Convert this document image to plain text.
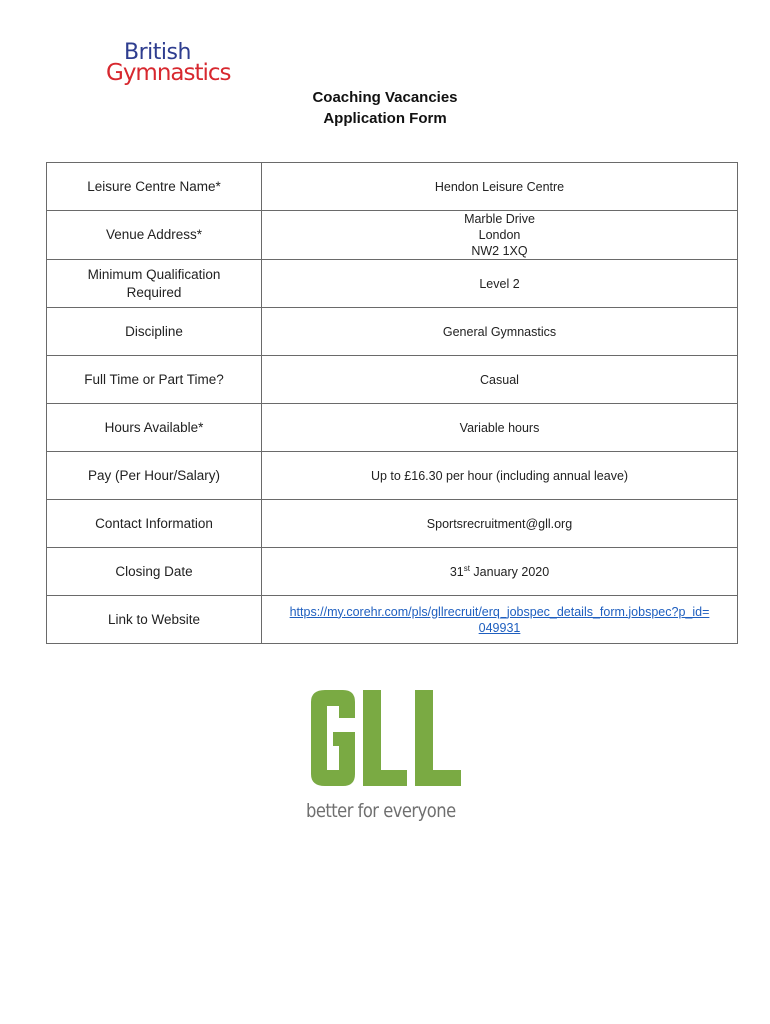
British
Gymnastics
Coaching Vacancies
Application Form
Leisure Centre Name*	Hendon Leisure Centre
Venue Address*	Marble Drive
London
NW2 1XQ

Minimum Qualification
Required	Level 2
Discipline	General Gymnastics
Full Time or Part Time?	Casual
Hours Available*	Variable hours
Pay (Per Hour/Salary)	Up to £16.30 per hour (including annual leave)
Contact Information	Sportsrecruitment@gll.org
Closing Date	31st January 2020
Link to Website	https://my.corehr.com/pls/gllrecruit/erq_jobspec_details_form.jobspec?p_id=
049931
better for everyone
